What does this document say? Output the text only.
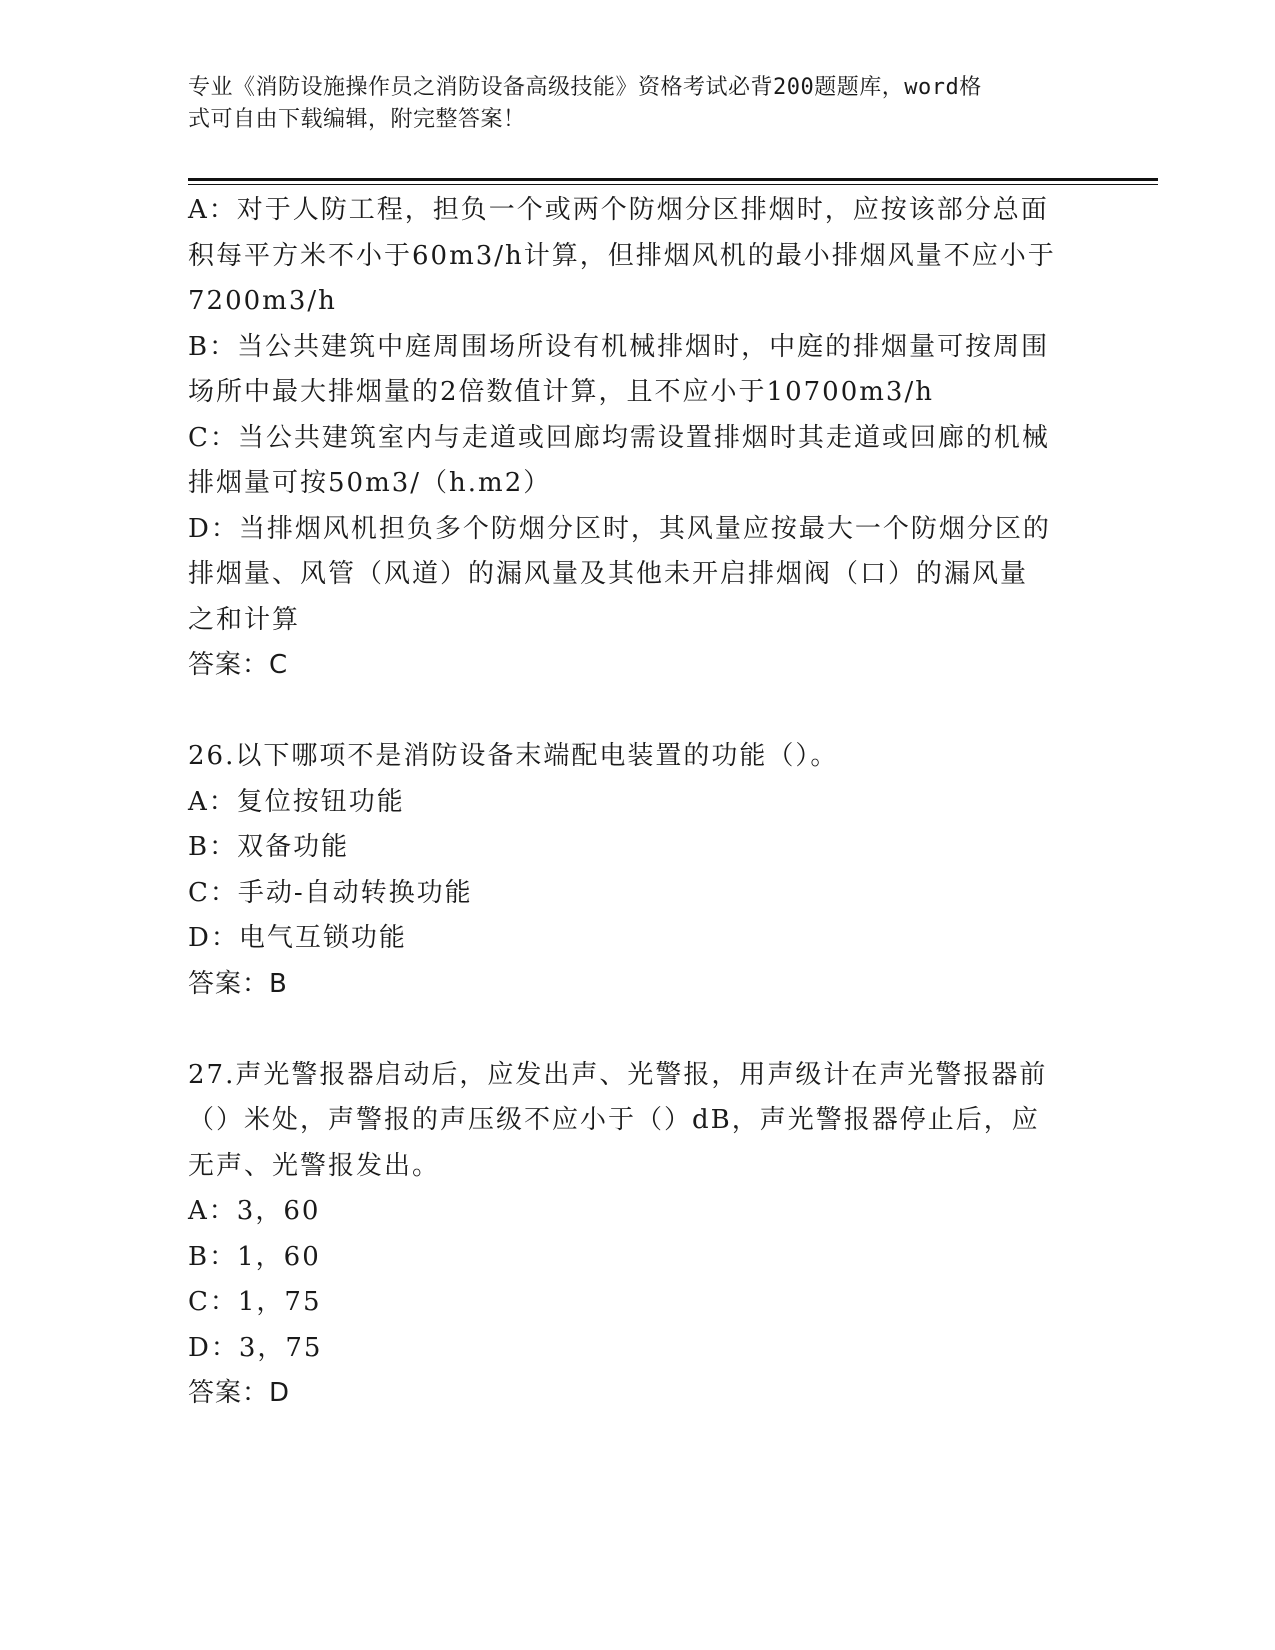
专业《消防设施操作员之消防设备高级技能》资格考试必背200题题库，word格
式可自由下载编辑，附完整答案！
A：对于人防工程，担负一个或两个防烟分区排烟时，应按该部分总面
积每平方米不小于60m3/h计算，但排烟风机的最小排烟风量不应小于
7200m3/h
B：当公共建筑中庭周围场所设有机械排烟时，中庭的排烟量可按周围
场所中最大排烟量的2倍数值计算，且不应小于10700m3/h
C：当公共建筑室内与走道或回廊均需设置排烟时其走道或回廊的机械
排烟量可按50m3/（h.m2）
D：当排烟风机担负多个防烟分区时，其风量应按最大一个防烟分区的
排烟量、风管（风道）的漏风量及其他未开启排烟阀（口）的漏风量
之和计算
答案：C
26.以下哪项不是消防设备末端配电装置的功能（）。
A：复位按钮功能
B：双备功能
C：手动-自动转换功能
D：电气互锁功能
答案：B
27.声光警报器启动后，应发出声、光警报，用声级计在声光警报器前
（）米处，声警报的声压级不应小于（）dB，声光警报器停止后，应
无声、光警报发出。
A：3，60
B：1，60
C：1，75
D：3，75
答案：D
